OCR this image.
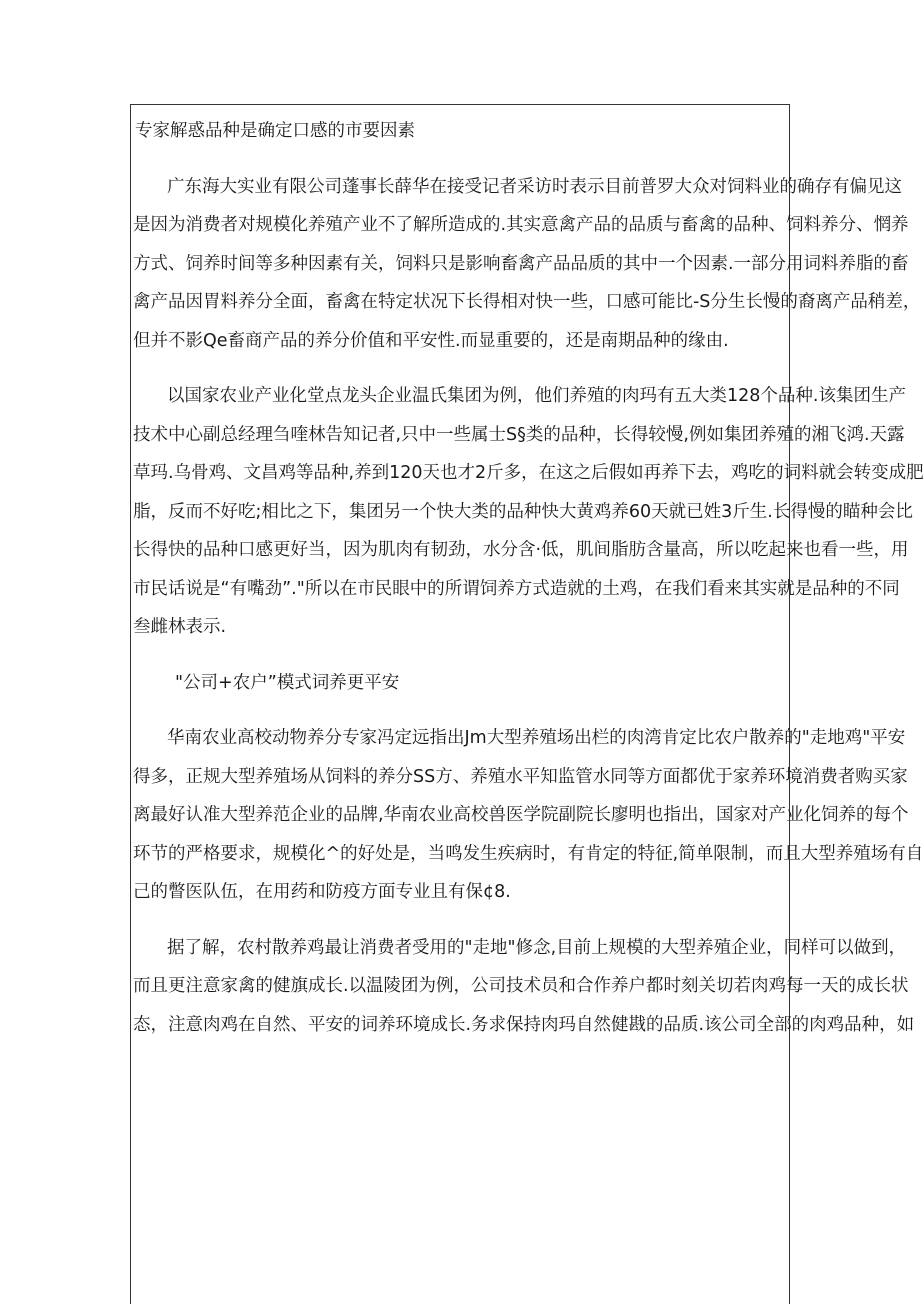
专家解惑品种是确定口感的市要因素
广东海大实业有限公司蓬事长薛华在接受记者采访时表示目前普罗大众对饲料业的确存有偏见这
是因为消费者对规模化养殖产业不了解所造成的.其实意禽产品的品质与畜禽的品种、饲料养分、惘养
方式、饲养时间等多种因素有关，饲料只是影响畜禽产品品质的其中一个因素.一部分用词料养脂的畜
禽产品因胃料养分全面，畜禽在特定状况下长得相对快一些，口感可能比-S分生长慢的裔离产品稍差，
但并不影Qe畜商产品的养分价值和平安性.而显重要的，还是南期品种的缘由.
以国家农业产业化堂点龙头企业温氏集团为例，他们养殖的肉玛有五大类128个品种.该集团生产
技术中心副总经理刍喹林告知记者,只中一些属士S§类的品种，长得较慢,例如集团养殖的湘飞鸿.天露
草玛.乌骨鸡、文昌鸡等品种,养到120天也才2斤多，在这之后假如再养下去，鸡吃的词料就会转变成肥
脂，反而不好吃;相比之下，集团另一个快大类的品种快大黄鸡养60天就已姓3斤生.长得慢的瞄种会比
长得快的品种口感更好当，因为肌肉有韧劲，水分含·低，肌间脂肪含量高，所以吃起来也看一些，用
市民话说是“有嘴劲”."所以在市民眼中的所谓饲养方式造就的土鸡，在我们看来其实就是品种的不同
叁雌林表示.
"公司+农户”模式词养更平安
华南农业高校动物养分专家冯定远指出Jm大型养殖场出栏的肉湾肯定比农户散养的"走地鸡"平安
得多，正规大型养殖场从饲料的养分SS方、养殖水平知监管水同等方面都优于家养环境消费者购买家
离最好认准大型养范企业的品牌,华南农业高校兽医学院副院长廖明也指出，国家对产业化饲养的每个
环节的严格要求，规模化^的好处是，当鸣发生疾病时，有肯定的特征,简单限制，而且大型养殖场有自
己的瞥医队伍，在用药和防疫方面专业且有保¢8.
据了解，农村散养鸡最让消费者受用的"走地"修念,目前上规模的大型养殖企业，同样可以做到，
而且更注意家禽的健旗成长.以温陵团为例，公司技术员和合作养户都时刻关切若肉鸡每一天的成长状
态，注意肉鸡在自然、平安的词养环境成长.务求保持肉玛自然健戡的品质.该公司全部的肉鸡品种，如
